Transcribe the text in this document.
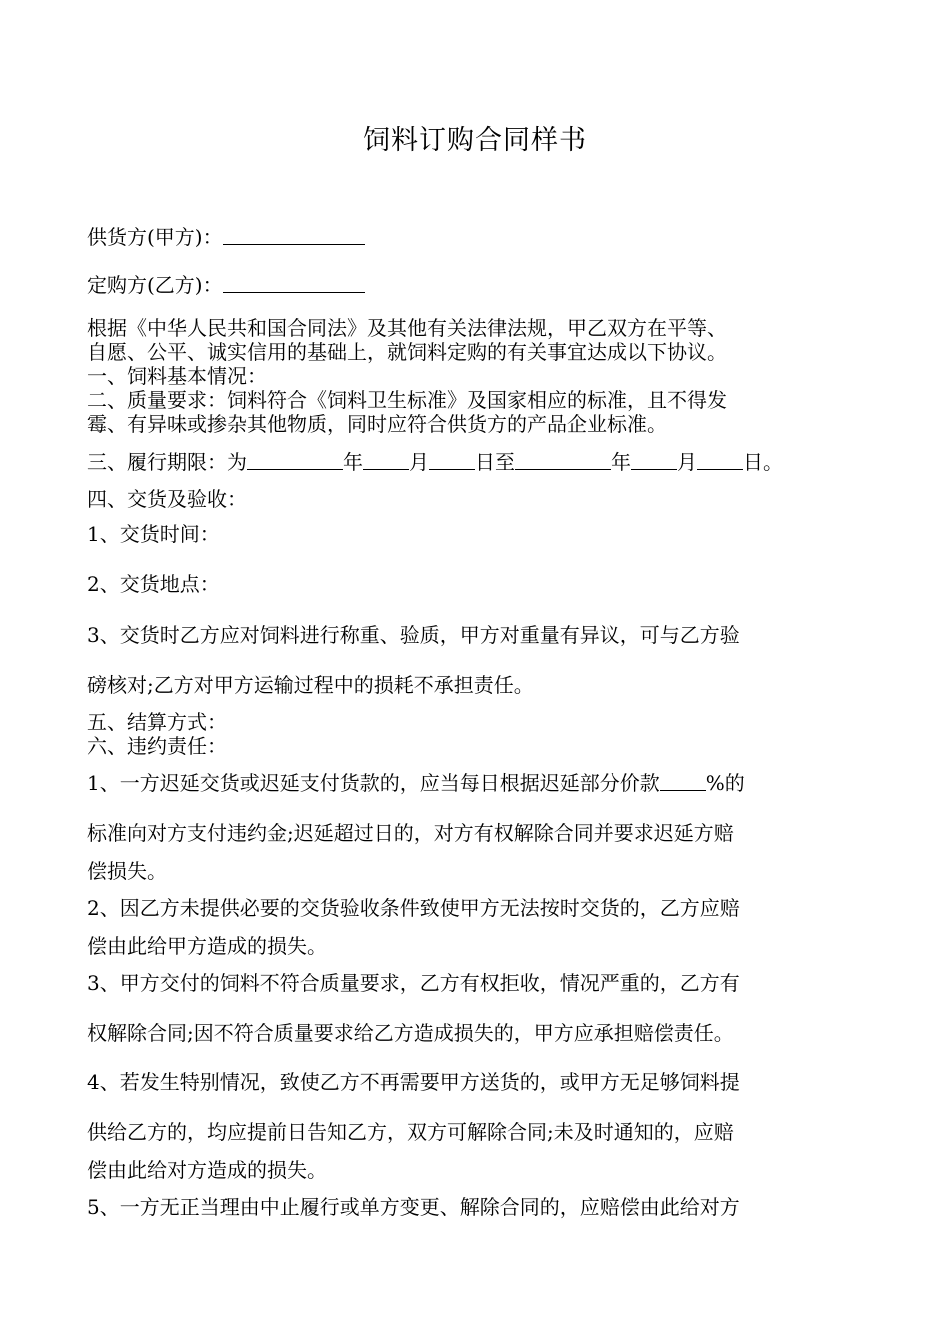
饲料订购合同样书
供货方(甲方)：
定购方(乙方)：
根据《中华人民共和国合同法》及其他有关法律法规，甲乙双方在平等、
自愿、公平、诚实信用的基础上，就饲料定购的有关事宜达成以下协议。
一、饲料基本情况：
二、质量要求：饲料符合《饲料卫生标准》及国家相应的标准，且不得发
霉、有异味或掺杂其他物质，同时应符合供货方的产品企业标准。
三、履行期限：为	年 月 日至	年 月 日。
四、交货及验收：
1、交货时间：
2、交货地点：
3、交货时乙方应对饲料进行称重、验质，甲方对重量有异议，可与乙方验
磅核对;乙方对甲方运输过程中的损耗不承担责任。
五、结算方式：
六、违约责任：
1、一方迟延交货或迟延支付货款的，应当每日根据迟延部分价款 %的
标准向对方支付违约金;迟延超过日的，对方有权解除合同并要求迟延方赔
偿损失。
2、因乙方未提供必要的交货验收条件致使甲方无法按时交货的，乙方应赔
偿由此给甲方造成的损失。
3、甲方交付的饲料不符合质量要求，乙方有权拒收，情况严重的，乙方有
权解除合同;因不符合质量要求给乙方造成损失的，甲方应承担赔偿责任。
4、若发生特别情况，致使乙方不再需要甲方送货的，或甲方无足够饲料提
供给乙方的，均应提前日告知乙方，双方可解除合同;未及时通知的，应赔
偿由此给对方造成的损失。
5、一方无正当理由中止履行或单方变更、解除合同的，应赔偿由此给对方
